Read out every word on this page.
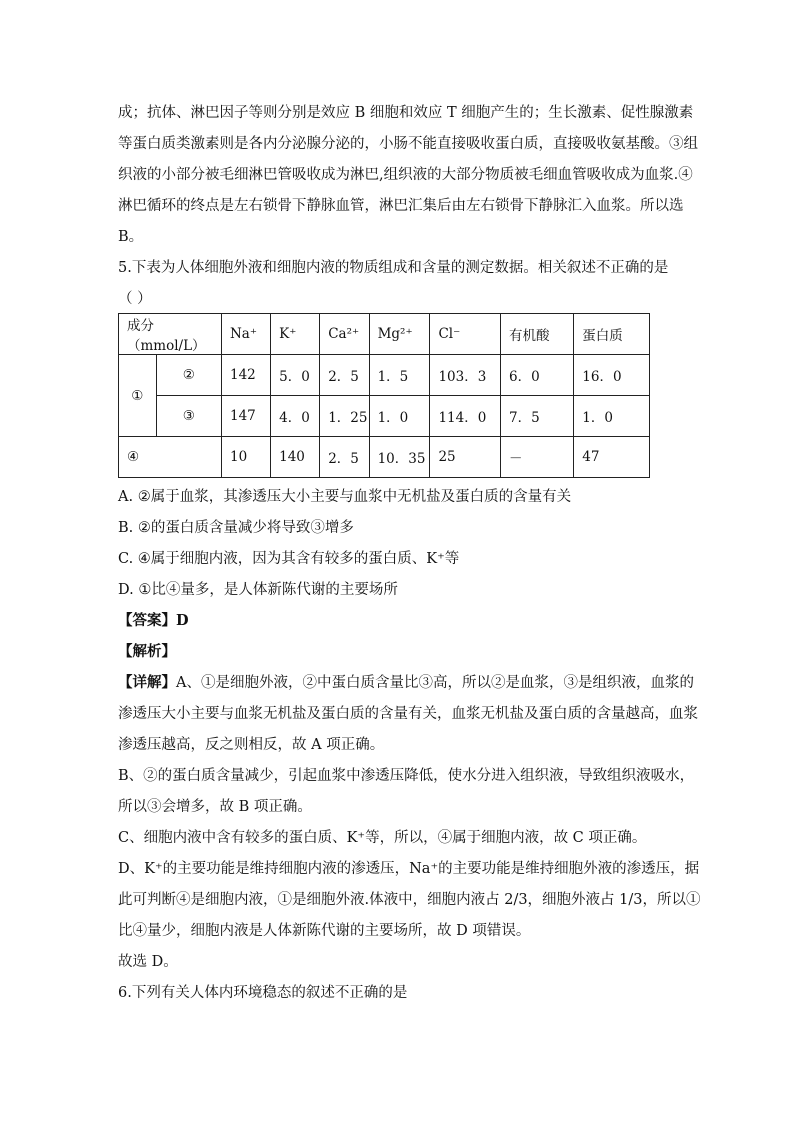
成；抗体、淋巴因子等则分别是效应 B 细胞和效应 T 细胞产生的；生长激素、促性腺激素
等蛋白质类激素则是各内分泌腺分泌的，小肠不能直接吸收蛋白质，直接吸收氨基酸。③组
织液的小部分被毛细淋巴管吸收成为淋巴,组织液的大部分物质被毛细血管吸收成为血浆.④
淋巴循环的终点是左右锁骨下静脉血管，淋巴汇集后由左右锁骨下静脉汇入血浆。所以选
B。
5.下表为人体细胞外液和细胞内液的物质组成和含量的测定数据。相关叙述不正确的是
（ ）
成分（mmol/L）		Na⁺	K⁺	Ca²⁺	Mg²⁺	Cl⁻	有机酸	蛋白质
①	②	142	5．0	2．5	1．5	103．3	6．0	16．0
	③	147	4．0	1．25	1．0	114．0	7．5	1．0
④		10	140	2．5	10．35	25	－	47
A. ②属于血浆，其渗透压大小主要与血浆中无机盐及蛋白质的含量有关
B. ②的蛋白质含量减少将导致③增多
C. ④属于细胞内液，因为其含有较多的蛋白质、K⁺等
D. ①比④量多，是人体新陈代谢的主要场所
【答案】D
【解析】
【详解】A、①是细胞外液，②中蛋白质含量比③高，所以②是血浆，③是组织液，血浆的
渗透压大小主要与血浆无机盐及蛋白质的含量有关，血浆无机盐及蛋白质的含量越高，血浆
渗透压越高，反之则相反，故 A 项正确。
B、②的蛋白质含量减少，引起血浆中渗透压降低，使水分进入组织液，导致组织液吸水，
所以③会增多，故 B 项正确。
C、细胞内液中含有较多的蛋白质、K⁺等，所以，④属于细胞内液，故 C 项正确。
D、K⁺的主要功能是维持细胞内液的渗透压，Na⁺的主要功能是维持细胞外液的渗透压，据
此可判断④是细胞内液，①是细胞外液.体液中，细胞内液占 2/3，细胞外液占 1/3，所以①
比④量少，细胞内液是人体新陈代谢的主要场所，故 D 项错误。
故选 D。
6.下列有关人体内环境稳态的叙述不正确的是
